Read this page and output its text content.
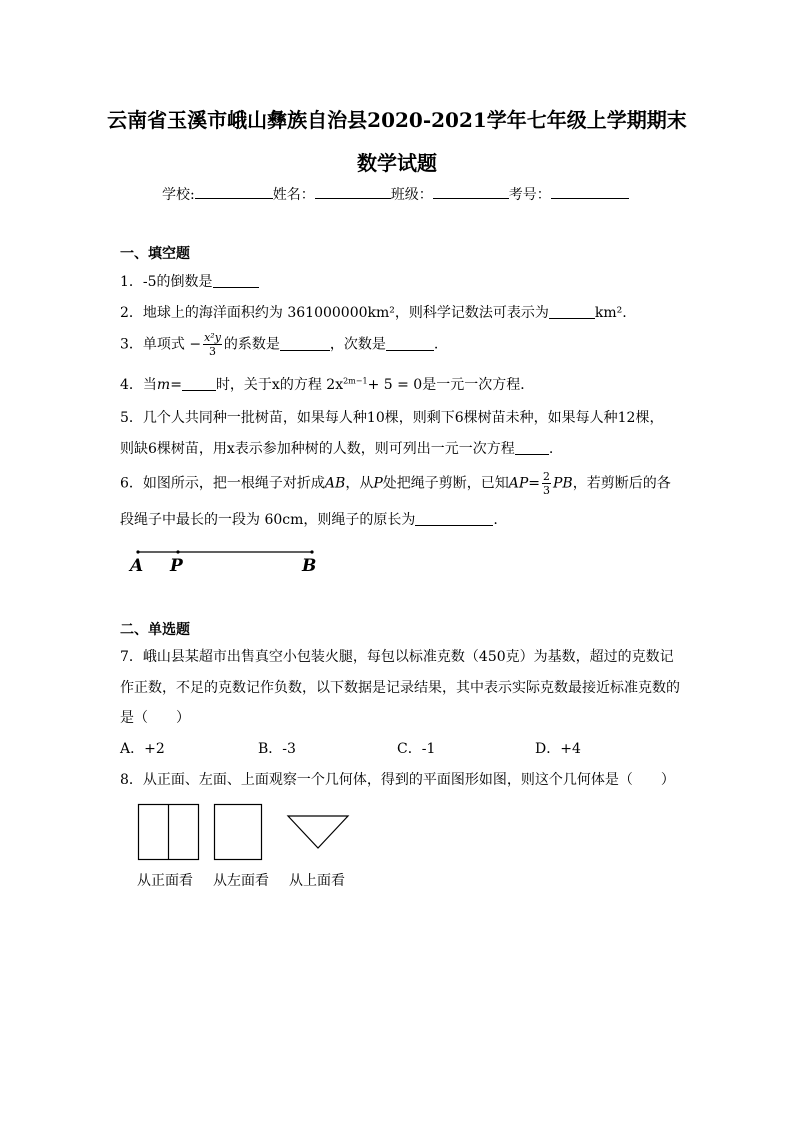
云南省玉溪市峨山彝族自治县2020-2021学年七年级上学期期末
数学试题
学校:	姓名：	班级：	考号：
一、填空题
1．-5的倒数是
2．地球上的海洋面积约为 361000000km²，则科学记数法可表示为	km².
3．单项式 − $\frac{\text{x²y}}{3}$ 的系数是	，次数是	.
4．当m= 时，关于x的方程 $2x^{2m-1}+ 5 = 0$是一元一次方程．
5．几个人共同种一批树苗，如果每人种10棵，则剩下6棵树苗未种，如果每人种12棵，
则缺6棵树苗，用x表示参加种树的人数，则可列出一元一次方程 .
6．如图所示，把一根绳子对折成AB，从P处把绳子剪断，已知$AP= \frac{2}{3}$ PB，若剪断后的各
段绳子中最长的一段为 60cm，则绳子的原长为	.
A P	B
二、单选题
7．峨山县某超市出售真空小包装火腿，每包以标准克数（450克）为基数，超过的克数记
作正数，不足的克数记作负数，以下数据是记录结果，其中表示实际克数最接近标准克数的
是（　　）
A．+2	B．-3	C．-1	D．+4
8．从正面、左面、上面观察一个几何体，得到的平面图形如图，则这个几何体是（　　）
从正面看 从左面看 从上面看
